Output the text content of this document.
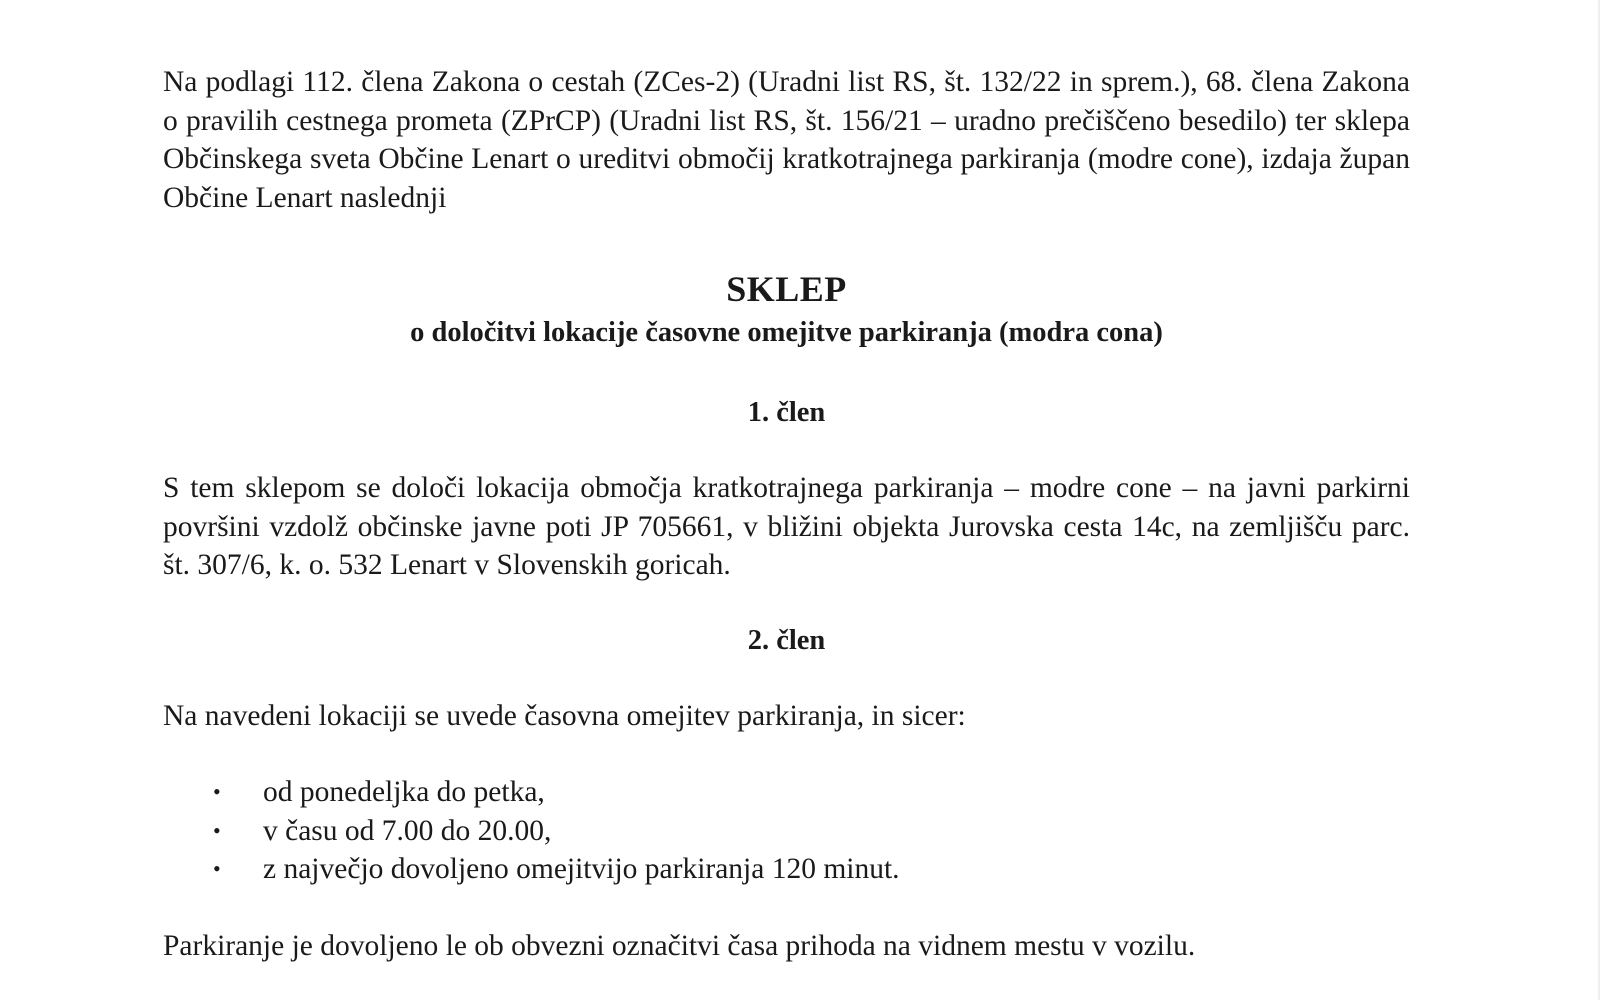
Na podlagi 112. člena Zakona o cestah (ZCes-2) (Uradni list RS, št. 132/22 in sprem.), 68. člena Zakona o pravilih cestnega prometa (ZPrCP) (Uradni list RS, št. 156/21 – uradno prečiščeno besedilo) ter sklepa Občinskega sveta Občine Lenart o ureditvi območij kratkotrajnega parkiranja (modre cone), izdaja župan Občine Lenart naslednji

SKLEP
o določitvi lokacije časovne omejitve parkiranja (modra cona)
1. člen

S tem sklepom se določi lokacija območja kratkotrajnega parkiranja – modre cone – na javni parkirni površini vzdolž občinske javne poti JP 705661, v bližini objekta Jurovska cesta 14c, na zemljišču parc. št. 307/6, k. o. 532 Lenart v Slovenskih goricah.

2. člen

Na navedeni lokaciji se uvede časovna omejitev parkiranja, in sicer:

• od ponedeljka do petka,
• v času od 7.00 do 20.00,
• z največjo dovoljeno omejitvijo parkiranja 120 minut.

Parkiranje je dovoljeno le ob obvezni označitvi časa prihoda na vidnem mestu v vozilu.
